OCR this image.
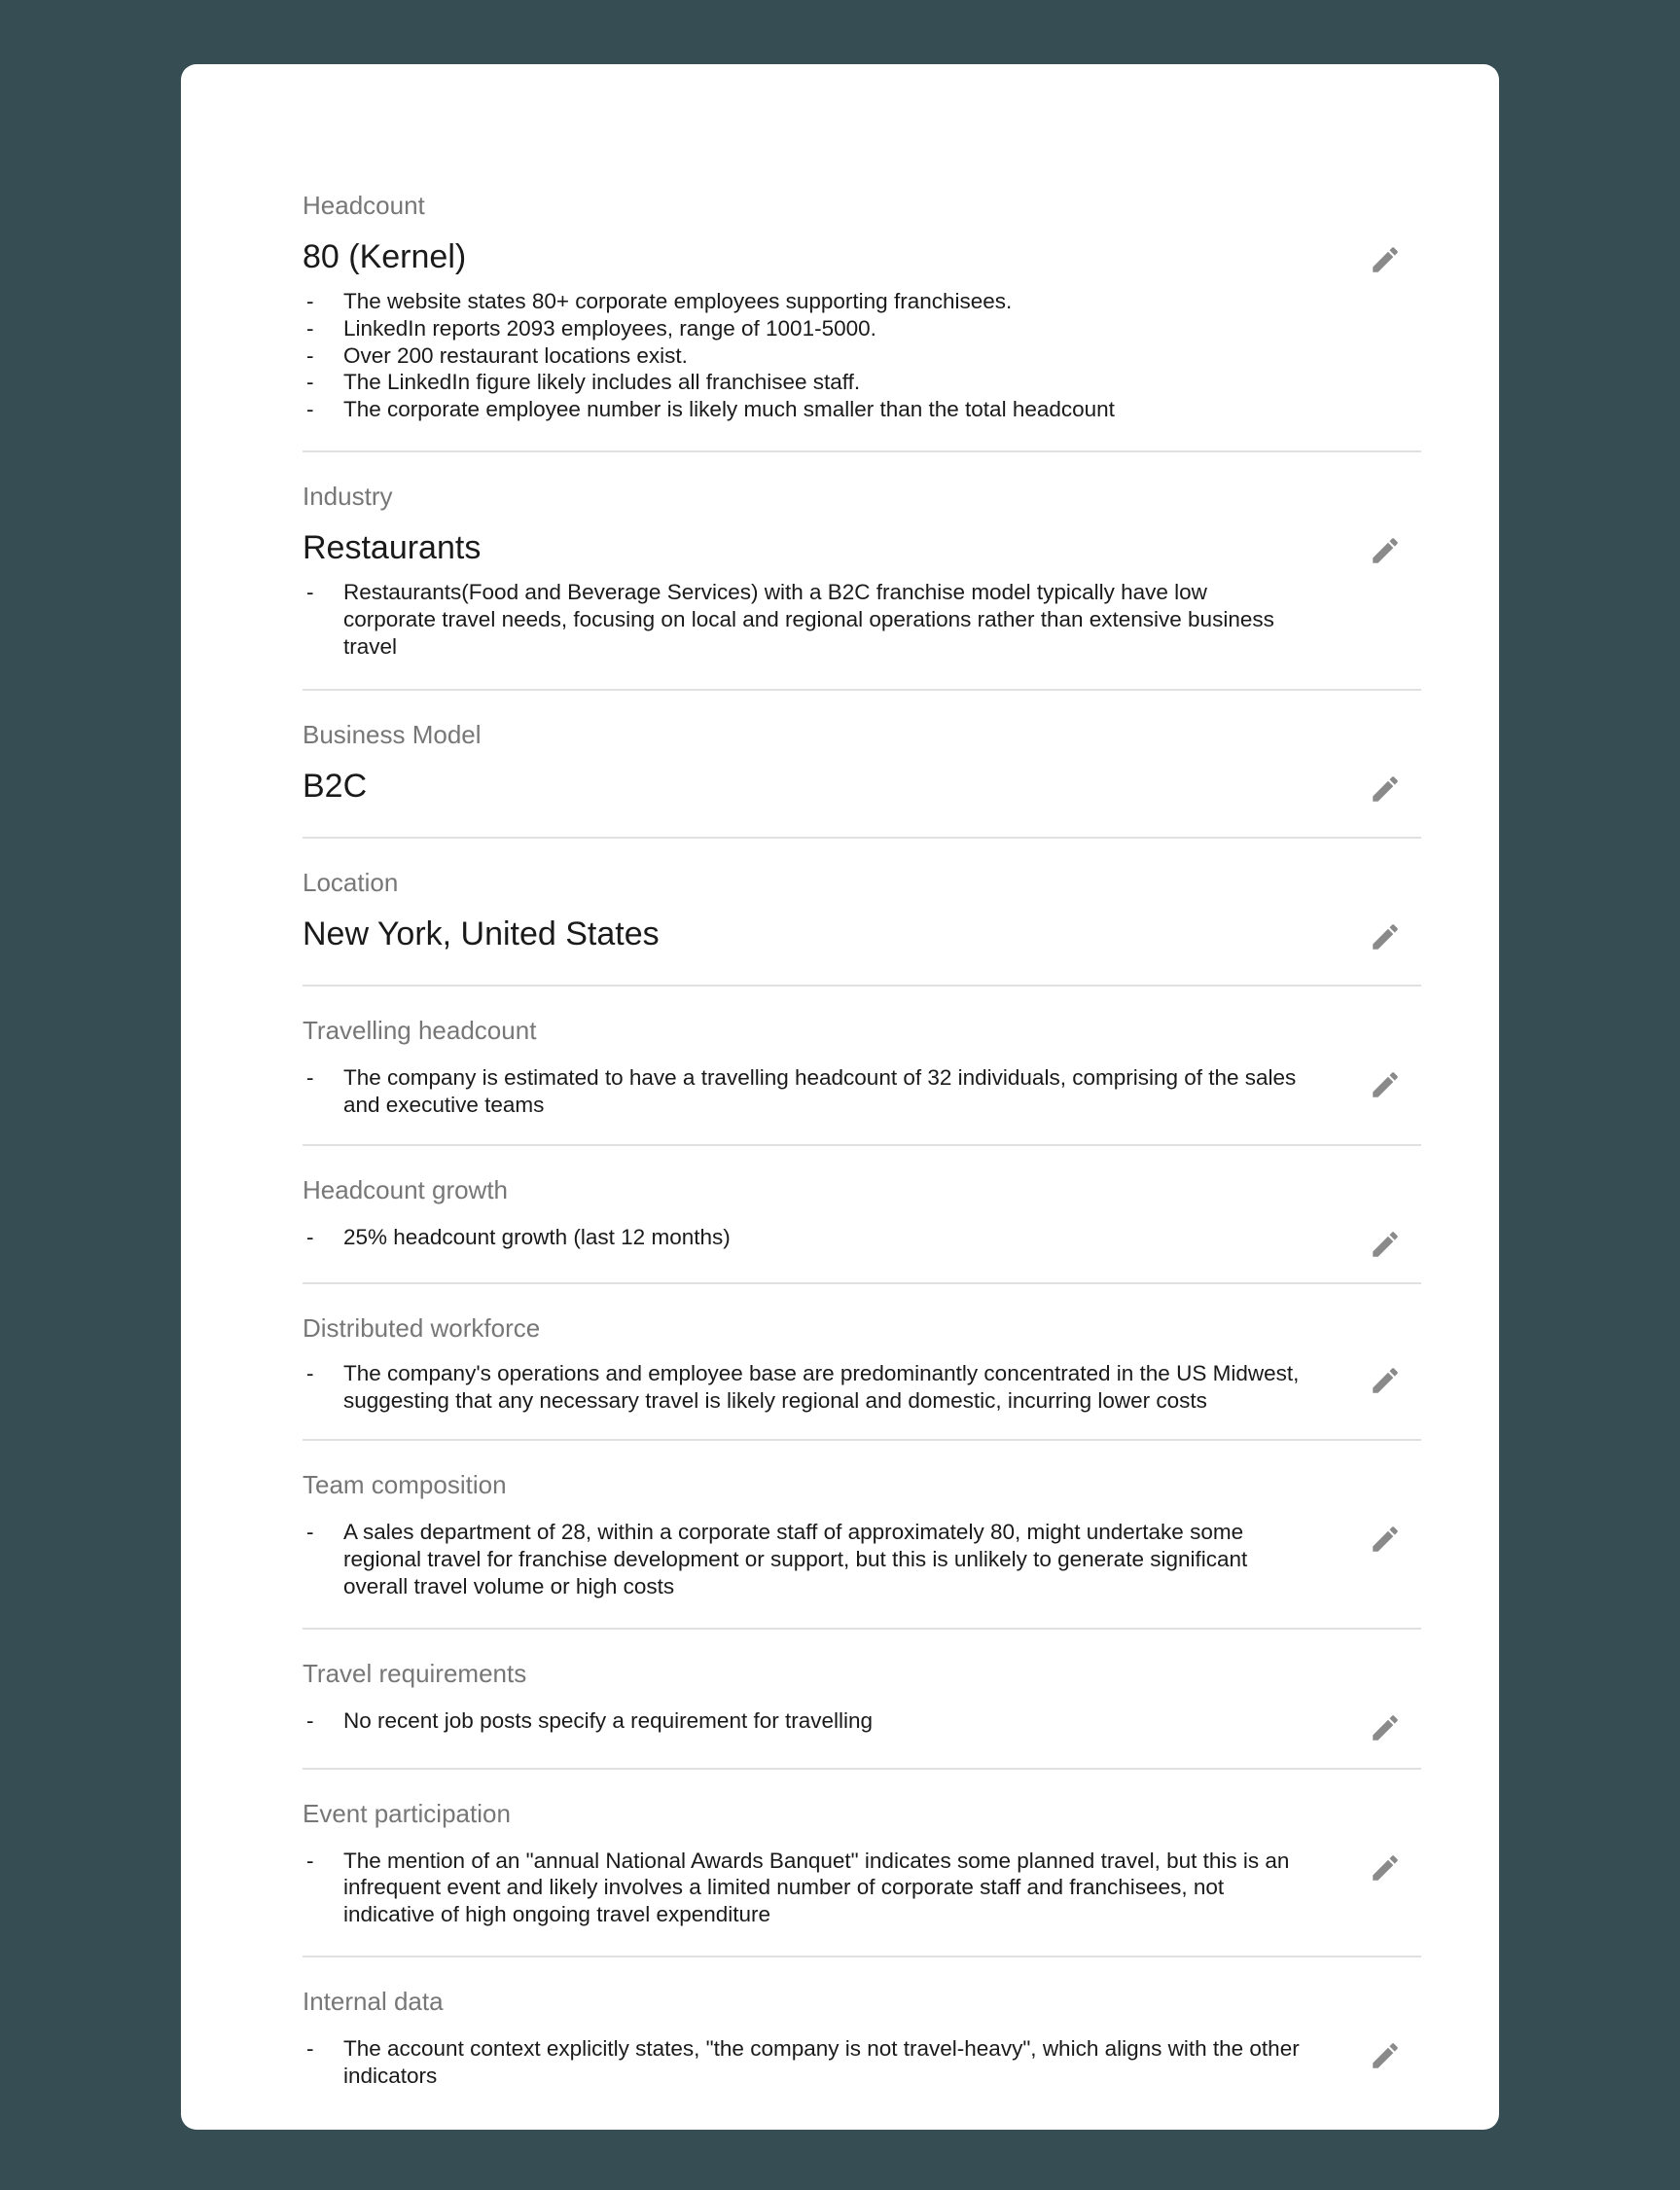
Headcount
80 (Kernel)
- The website states 80+ corporate employees supporting franchisees.
- LinkedIn reports 2093 employees, range of 1001-5000.
- Over 200 restaurant locations exist.
- The LinkedIn figure likely includes all franchisee staff.
- The corporate employee number is likely much smaller than the total headcount
Industry
Restaurants
- Restaurants(Food and Beverage Services) with a B2C franchise model typically have low corporate travel needs, focusing on local and regional operations rather than extensive business travel
Business Model
B2C
Location
New York, United States
Travelling headcount
- The company is estimated to have a travelling headcount of 32 individuals, comprising of the sales and executive teams
Headcount growth
- 25% headcount growth (last 12 months)
Distributed workforce
- The company's operations and employee base are predominantly concentrated in the US Midwest, suggesting that any necessary travel is likely regional and domestic, incurring lower costs
Team composition
- A sales department of 28, within a corporate staff of approximately 80, might undertake some regional travel for franchise development or support, but this is unlikely to generate significant overall travel volume or high costs
Travel requirements
- No recent job posts specify a requirement for travelling
Event participation
- The mention of an "annual National Awards Banquet" indicates some planned travel, but this is an infrequent event and likely involves a limited number of corporate staff and franchisees, not indicative of high ongoing travel expenditure
Internal data
- The account context explicitly states, "the company is not travel-heavy", which aligns with the other indicators
